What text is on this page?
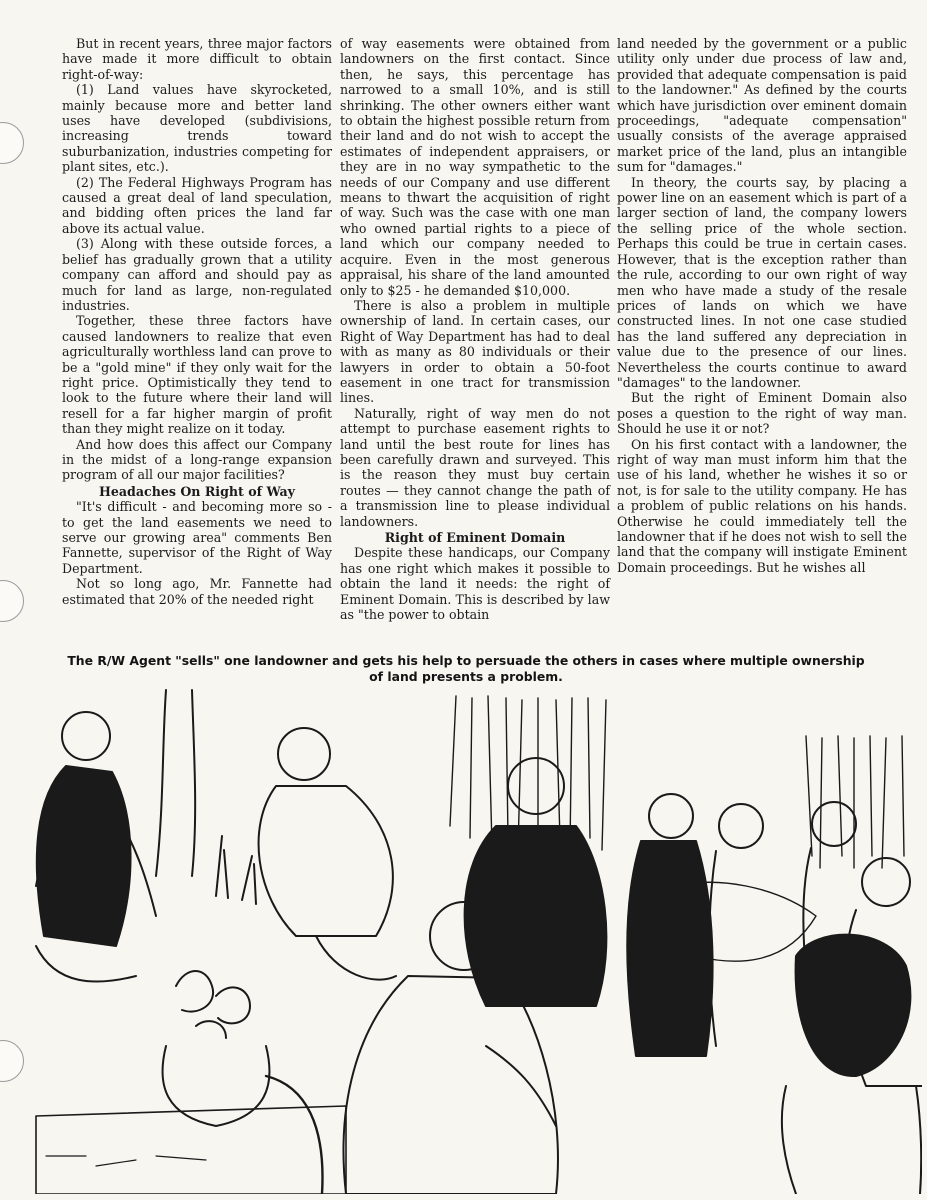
But in recent years, three major factors have made it more difficult to obtain right-of-way:

(1) Land values have skyrocketed, mainly because more and better land uses have developed (subdivisions, increasing trends toward suburbanization, industries competing for plant sites, etc.).

(2) The Federal Highways Program has caused a great deal of land speculation, and bidding often prices the land far above its actual value.

(3) Along with these outside forces, a belief has gradually grown that a utility company can afford and should pay as much for land as large, non-regulated industries.

Together, these three factors have caused landowners to realize that even agriculturally worthless land can prove to be a "gold mine" if they only wait for the right price. Optimistically they tend to look to the future where their land will resell for a far higher margin of profit than they might realize on it today.

And how does this affect our Company in the midst of a long-range expansion program of all our major facilities?

Headaches On Right of Way

"It's difficult - and becoming more so - to get the land easements we need to serve our growing area" comments Ben Fannette, supervisor of the Right of Way Department.

Not so long ago, Mr. Fannette had estimated that 20% of the needed right

of way easements were obtained from landowners on the first contact. Since then, he says, this percentage has narrowed to a small 10%, and is still shrinking. The other owners either want to obtain the highest possible return from their land and do not wish to accept the estimates of independent appraisers, or they are in no way sympathetic to the needs of our Company and use different means to thwart the acquisition of right of way. Such was the case with one man who owned partial rights to a piece of land which our company needed to acquire. Even in the most generous appraisal, his share of the land amounted only to $25 - he demanded $10,000.

There is also a problem in multiple ownership of land. In certain cases, our Right of Way Department has had to deal with as many as 80 individuals or their lawyers in order to obtain a 50-foot easement in one tract for transmission lines.

Naturally, right of way men do not attempt to purchase easement rights to land until the best route for lines has been carefully drawn and surveyed. This is the reason they must buy certain routes — they cannot change the path of a transmission line to please individual landowners.

Right of Eminent Domain

Despite these handicaps, our Company has one right which makes it possible to obtain the land it needs: the right of Eminent Domain. This is described by law as "the power to obtain

land needed by the government or a public utility only under due process of law and, provided that adequate compensation is paid to the landowner." As defined by the courts which have jurisdiction over eminent domain proceedings, "adequate compensation" usually consists of the average appraised market price of the land, plus an intangible sum for "damages."

In theory, the courts say, by placing a power line on an easement which is part of a larger section of land, the company lowers the selling price of the whole section. Perhaps this could be true in certain cases. However, that is the exception rather than the rule, according to our own right of way men who have made a study of the resale prices of lands on which we have constructed lines. In not one case studied has the land suffered any depreciation in value due to the presence of our lines. Nevertheless the courts continue to award "damages" to the landowner.

But the right of Eminent Domain also poses a question to the right of way man. Should he use it or not?

On his first contact with a landowner, the right of way man must inform him that the use of his land, whether he wishes it so or not, is for sale to the utility company. He has a problem of public relations on his hands. Otherwise he could immediately tell the landowner that if he does not wish to sell the land that the company will instigate Eminent Domain proceedings. But he wishes all

The R/W Agent "sells" one landowner and gets his help to persuade the others in cases where multiple ownership of land presents a problem.
